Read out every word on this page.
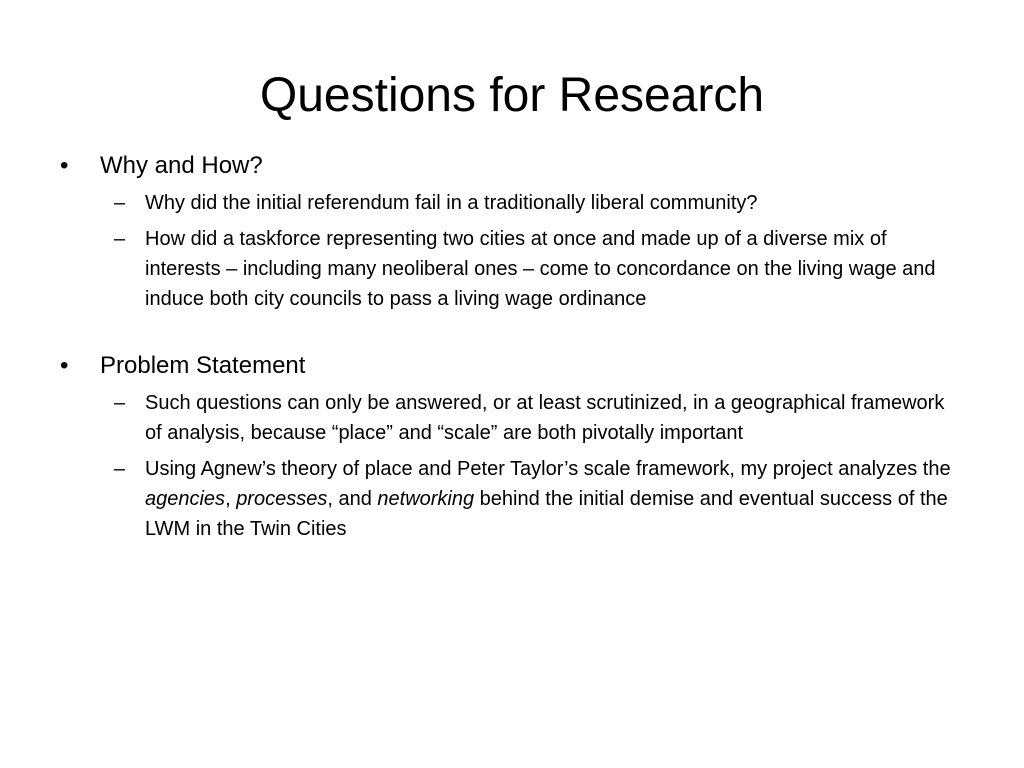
Questions for Research
•	Why and How?
– Why did the initial referendum fail in a traditionally liberal community?
– How did a taskforce representing two cities at once and made up of a diverse mix of interests – including many neoliberal ones – come to concordance on the living wage and induce both city councils to pass a living wage ordinance
•	Problem Statement
– Such questions can only be answered, or at least scrutinized, in a geographical framework of analysis, because “place” and “scale” are both pivotally important
– Using Agnew’s theory of place and Peter Taylor’s scale framework, my project analyzes the agencies, processes, and networking behind the initial demise and eventual success of the LWM in the Twin Cities
